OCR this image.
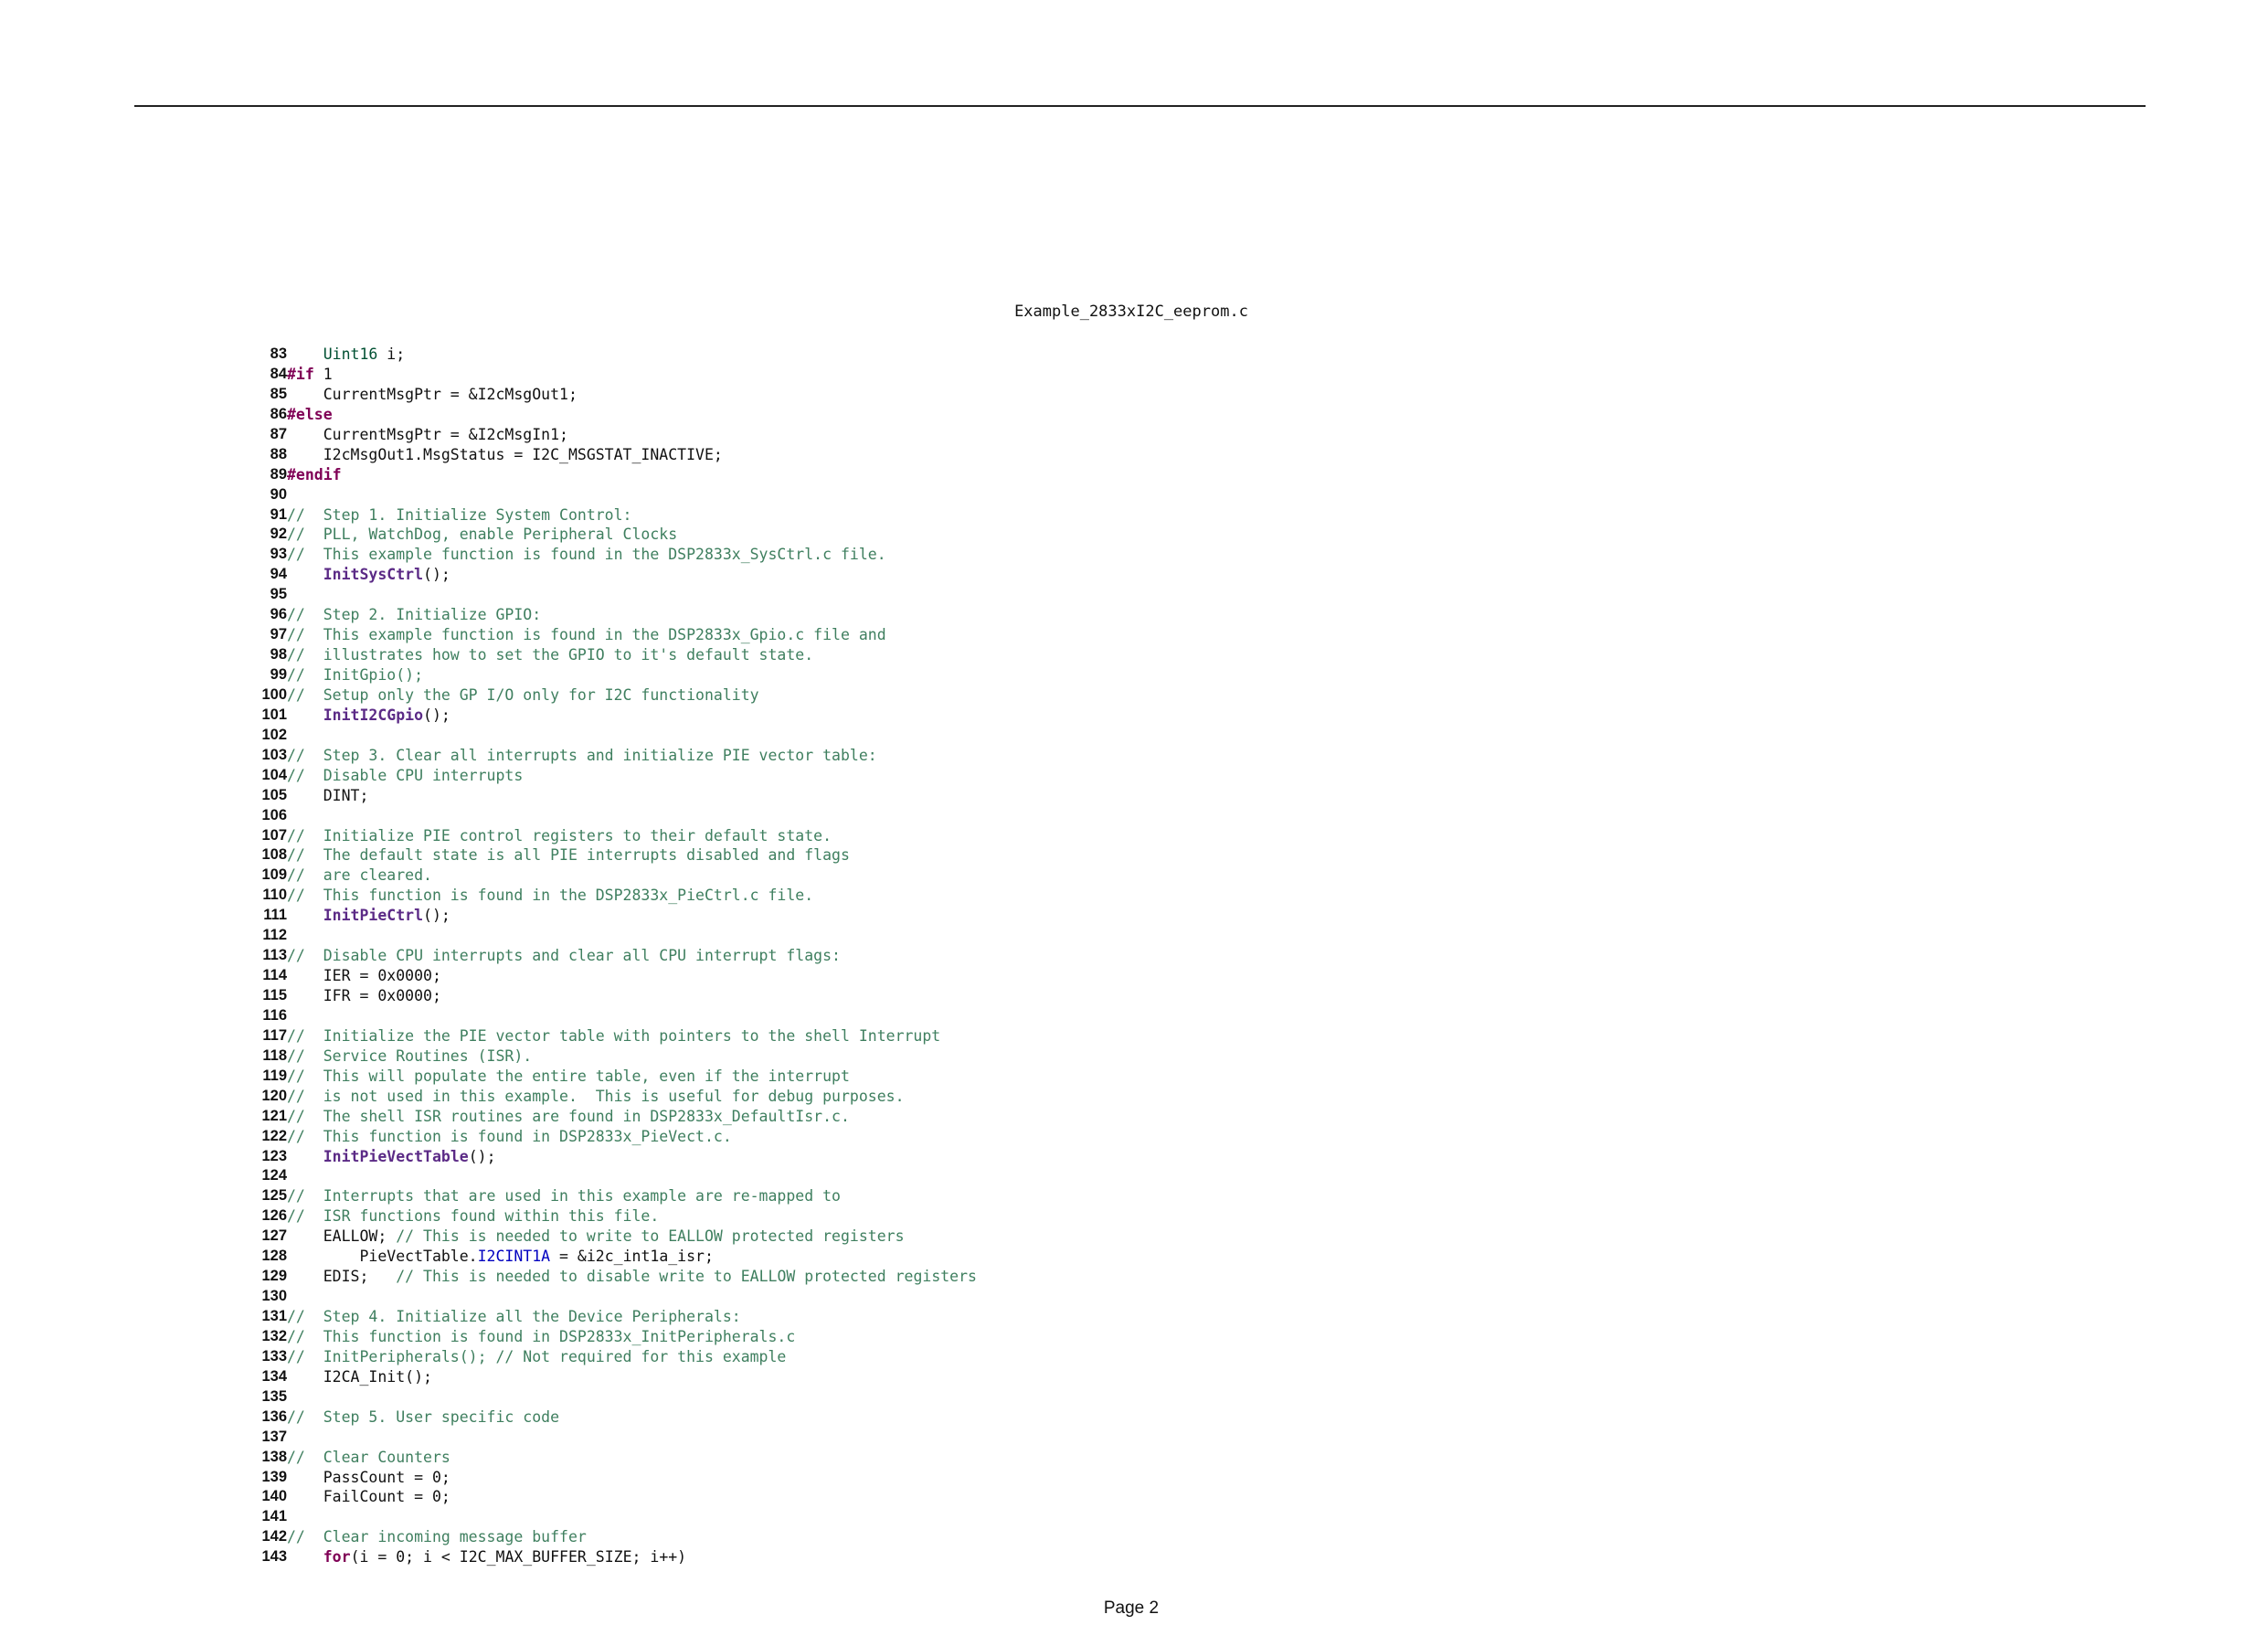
Example_2833xI2C_eeprom.c
83	Uint16 i;
84 #if 1
85 CurrentMsgPtr = &I2cMsgOut1;
86 #else
87 CurrentMsgPtr = &I2cMsgIn1;
88 I2cMsgOut1.MsgStatus = I2C_MSGSTAT_INACTIVE;
89 #endif
90
91 //  Step 1. Initialize System Control:
92 //  PLL, WatchDog, enable Peripheral Clocks
93 //  This example function is found in the DSP2833x_SysCtrl.c file.
94	InitSysCtrl();
95
96 //  Step 2. Initialize GPIO:
97 //  This example function is found in the DSP2833x_Gpio.c file and
98 //  illustrates how to set the GPIO to it's default state.
99 //  InitGpio();
100 //  Setup only the GP I/O only for I2C functionality
101	InitI2CGpio();
102
103 //  Step 3. Clear all interrupts and initialize PIE vector table:
104 //  Disable CPU interrupts
105 DINT;
106
107 //  Initialize PIE control registers to their default state.
108 //  The default state is all PIE interrupts disabled and flags
109 //  are cleared.
110 //  This function is found in the DSP2833x_PieCtrl.c file.
111	InitPieCtrl();
112
113 //  Disable CPU interrupts and clear all CPU interrupt flags:
114 IER = 0x0000;
115 IFR = 0x0000;
116
117 //  Initialize the PIE vector table with pointers to the shell Interrupt
118 //  Service Routines (ISR).
119 //  This will populate the entire table, even if the interrupt
120 //  is not used in this example.  This is useful for debug purposes.
121 //  The shell ISR routines are found in DSP2833x_DefaultIsr.c.
122 //  This function is found in DSP2833x_PieVect.c.
123	InitPieVectTable();
124
125 //  Interrupts that are used in this example are re-mapped to
126 //  ISR functions found within this file.
127 EALLOW; // This is needed to write to EALLOW protected registers
128 PieVectTable.I2CINT1A = &i2c_int1a_isr;
129 EDIS;   // This is needed to disable write to EALLOW protected registers
130
131 //  Step 4. Initialize all the Device Peripherals:
132 //  This function is found in DSP2833x_InitPeripherals.c
133 //  InitPeripherals(); // Not required for this example
134 I2CA_Init();
135
136 //  Step 5. User specific code
137
138 //  Clear Counters
139 PassCount = 0;
140 FailCount = 0;
141
142 //  Clear incoming message buffer
143	for(i = 0; i < I2C_MAX_BUFFER_SIZE; i++)
Page 2
